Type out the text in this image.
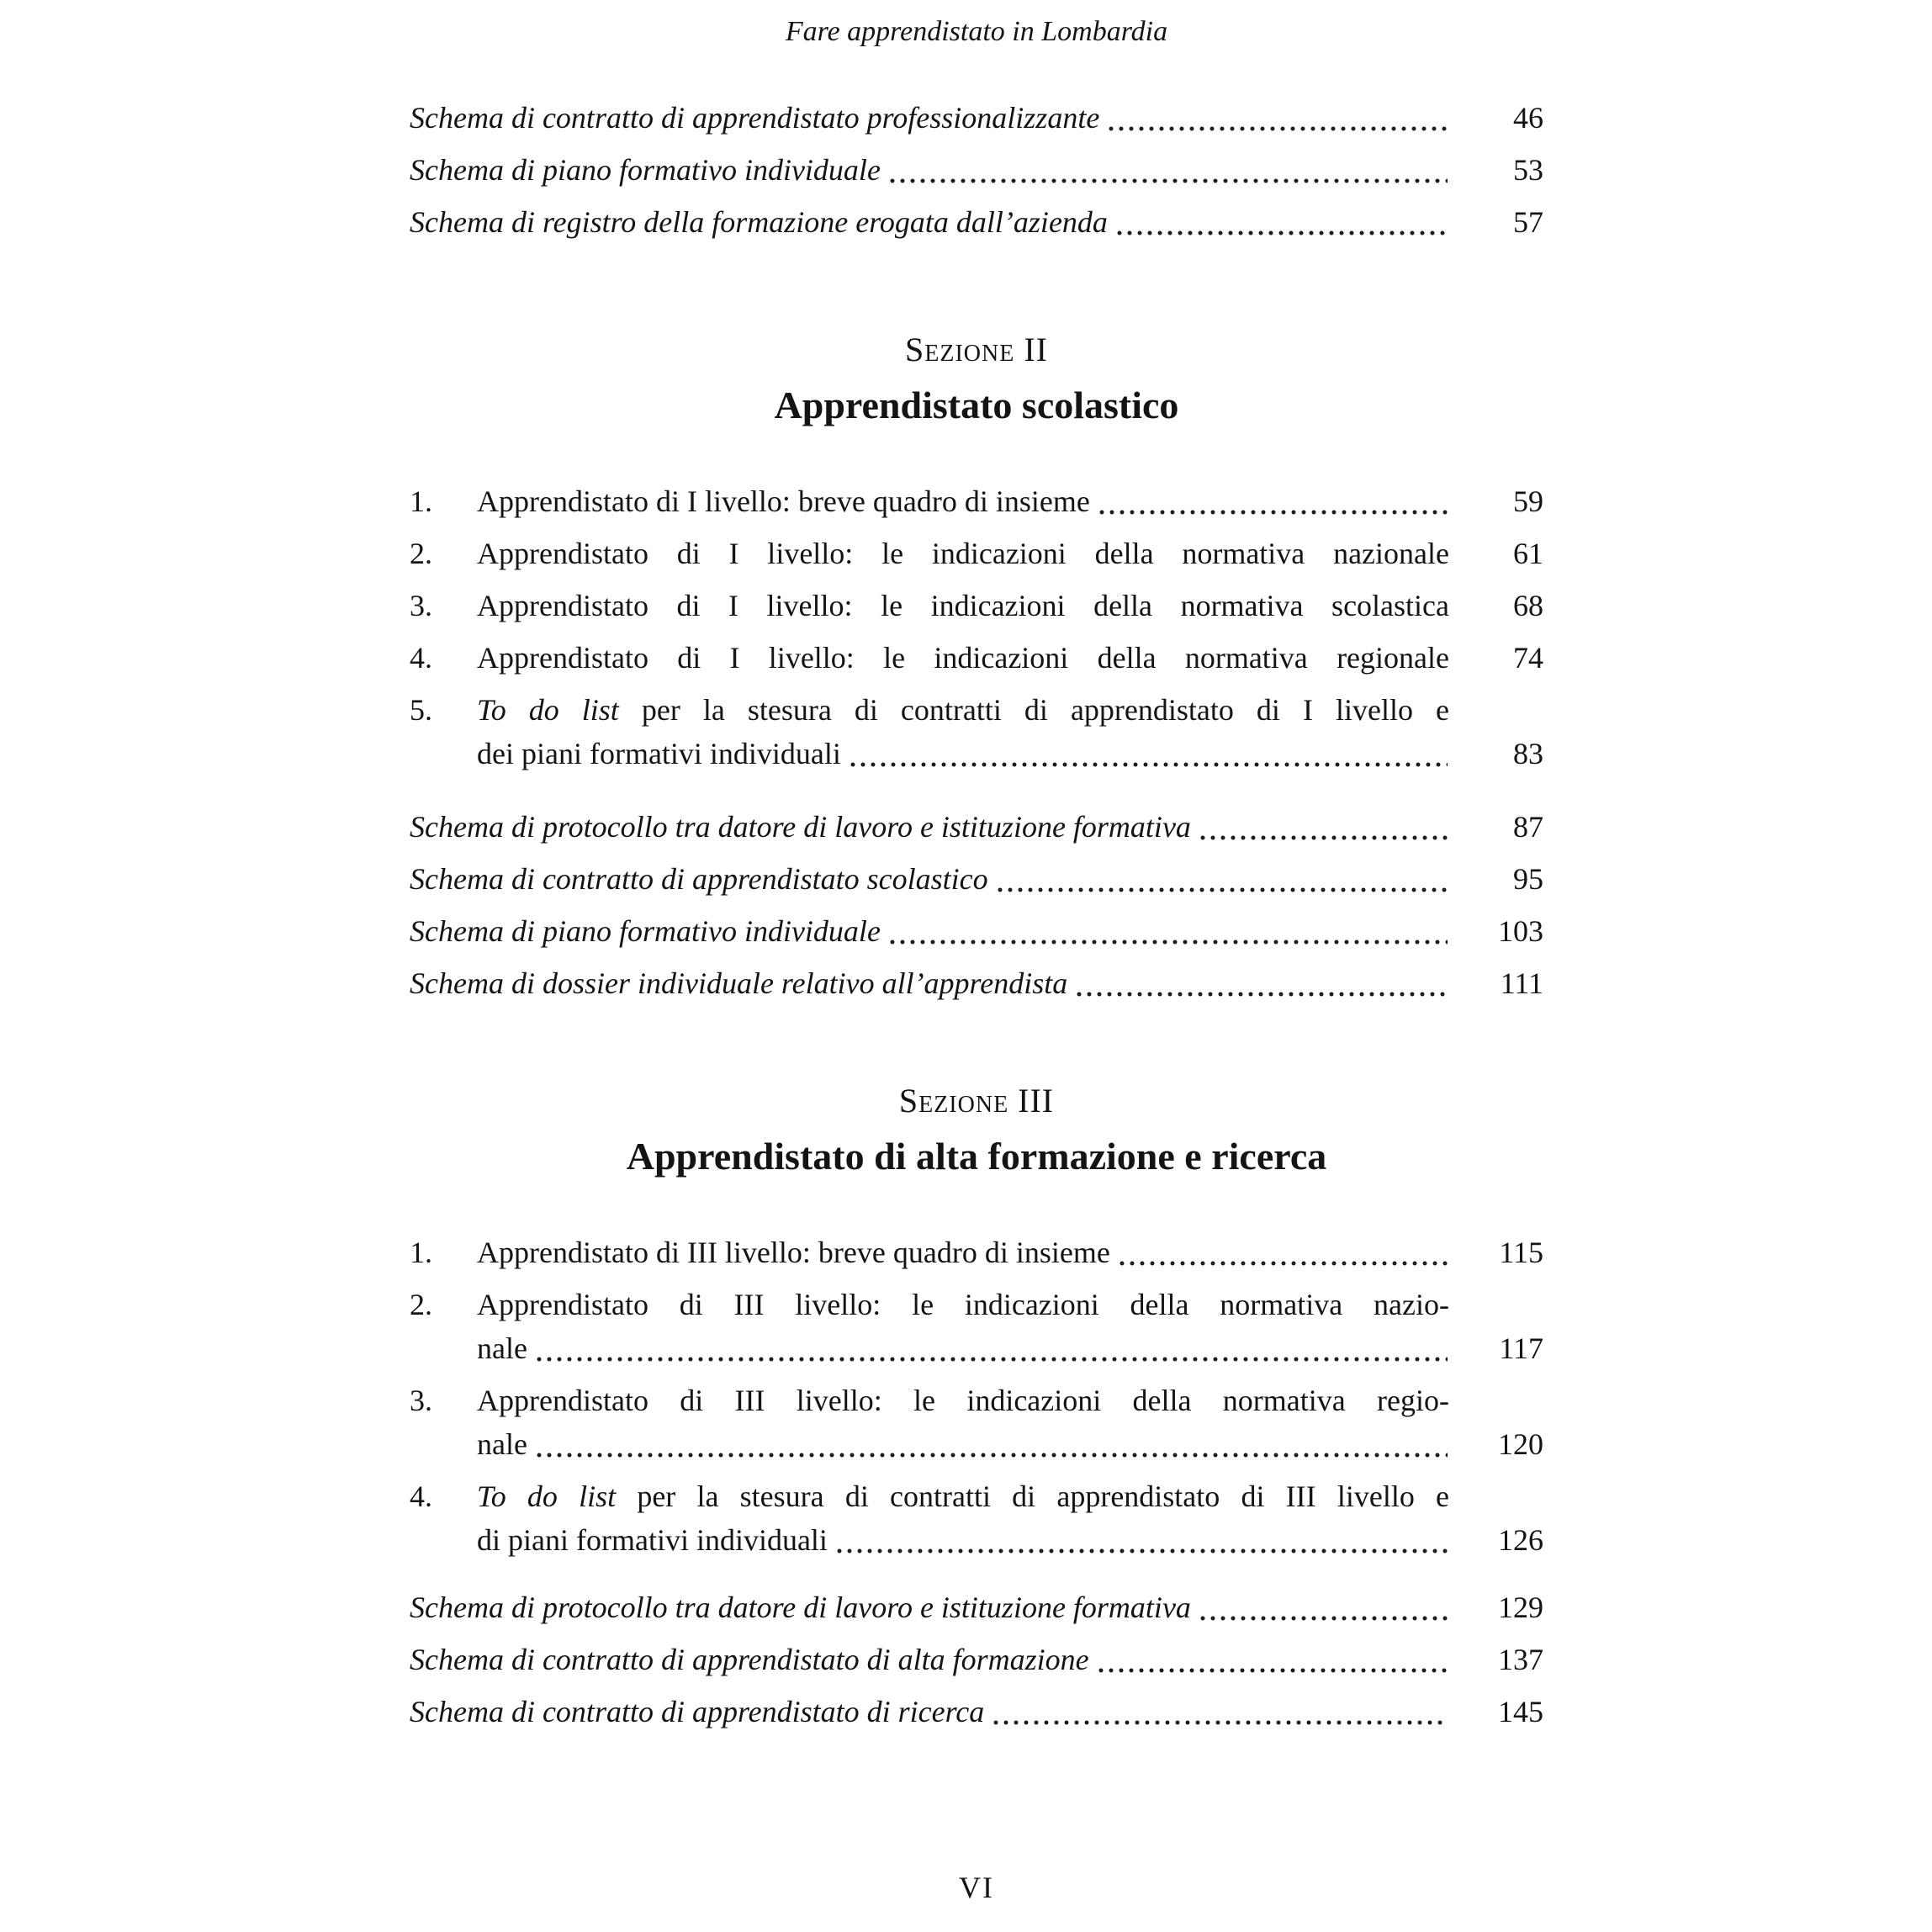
Fare apprendistato in Lombardia
Schema di contratto di apprendistato professionalizzante	46
Schema di piano formativo individuale	53
Schema di registro della formazione erogata dall’azienda	57
Sezione II
Apprendistato scolastico
1.	Apprendistato di I livello: breve quadro di insieme	59
2.	Apprendistato di I livello: le indicazioni della normativa nazionale	61
3.	Apprendistato di I livello: le indicazioni della normativa scolastica	68
4.	Apprendistato di I livello: le indicazioni della normativa regionale	74
5.	To do list per la stesura di contratti di apprendistato di I livello e
dei piani formativi individuali	83
Schema di protocollo tra datore di lavoro e istituzione formativa	87
Schema di contratto di apprendistato scolastico	95
Schema di piano formativo individuale	103
Schema di dossier individuale relativo all’apprendista	111
Sezione III
Apprendistato di alta formazione e ricerca
1.	Apprendistato di III livello: breve quadro di insieme	115
2.	Apprendistato di III livello: le indicazioni della normativa nazio-
nale	117
3.	Apprendistato di III livello: le indicazioni della normativa regio-
nale	120
4.	To do list per la stesura di contratti di apprendistato di III livello e
di piani formativi individuali	126
Schema di protocollo tra datore di lavoro e istituzione formativa	129
Schema di contratto di apprendistato di alta formazione	137
Schema di contratto di apprendistato di ricerca	145
VI
